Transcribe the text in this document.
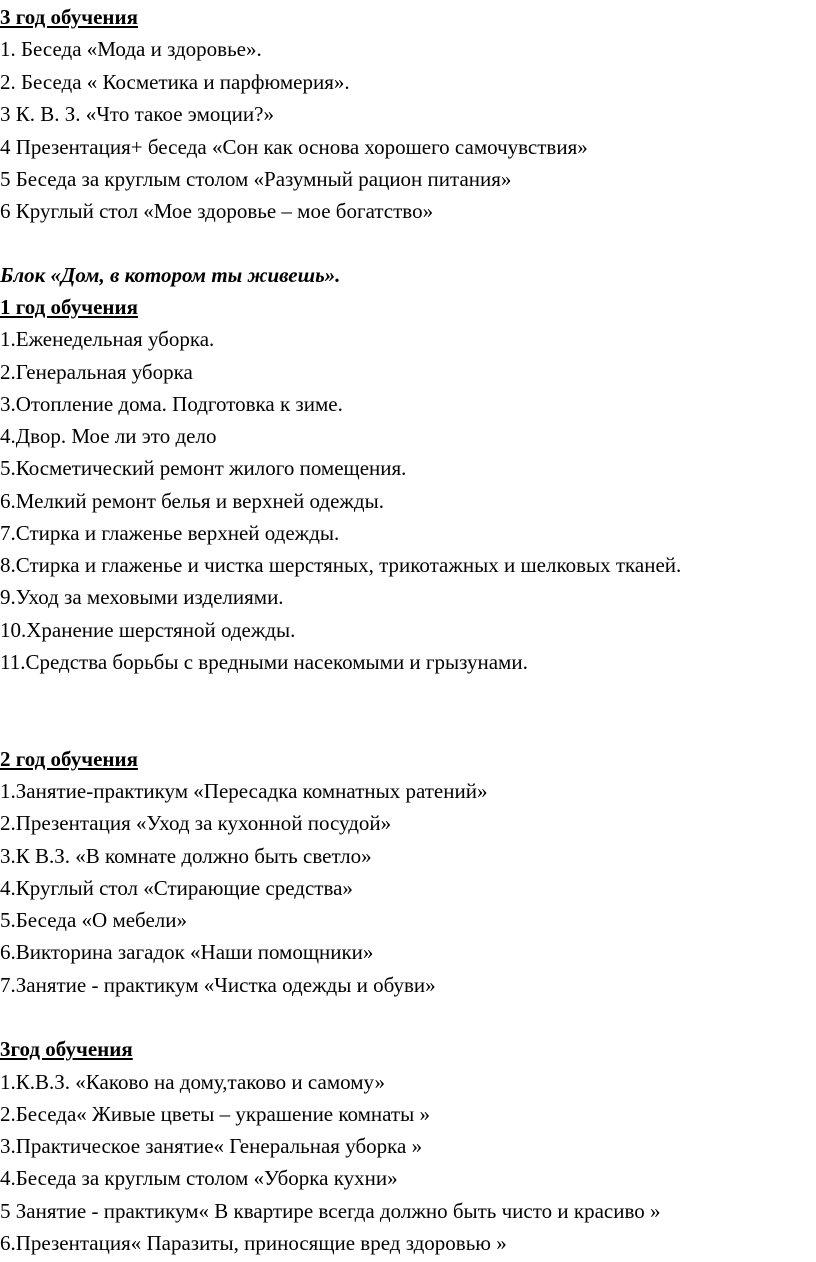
3 год обучения
1. Беседа «Мода и здоровье».
2. Беседа « Косметика и парфюмерия».
3 К. В. З. «Что такое эмоции?»
4 Презентация+ беседа «Сон как основа хорошего самочувствия»
5 Беседа за круглым столом «Разумный рацион питания»
6 Круглый стол «Мое здоровье – мое богатство»
Блок «Дом, в котором ты живешь».
1 год обучения
1.Еженедельная уборка.
2.Генеральная уборка
3.Отопление дома. Подготовка к зиме.
4.Двор. Мое ли это дело
5.Косметический ремонт жилого помещения.
6.Мелкий ремонт белья и верхней одежды.
7.Стирка и глаженье верхней одежды.
8.Стирка и глаженье и чистка шерстяных, трикотажных и шелковых тканей.
9.Уход за меховыми изделиями.
10.Хранение шерстяной одежды.
11.Средства борьбы с вредными насекомыми и грызунами.
2 год обучения
1.Занятие-практикум «Пересадка комнатных ратений»
2.Презентация «Уход за кухонной посудой»
3.К В.З. «В комнате должно быть светло»
4.Круглый стол «Стирающие средства»
5.Беседа «О мебели»
6.Викторина загадок «Наши помощники»
7.Занятие - практикум «Чистка одежды и обуви»
3год обучения
1.К.В.З. «Каково на дому,таково и самому»
2.Беседа« Живые цветы – украшение комнаты »
3.Практическое занятие« Генеральная уборка »
4.Беседа за круглым столом «Уборка кухни»
5 Занятие - практикум« В квартире всегда должно быть чисто и красиво »
6.Презентация« Паразиты, приносящие вред здоровью »
